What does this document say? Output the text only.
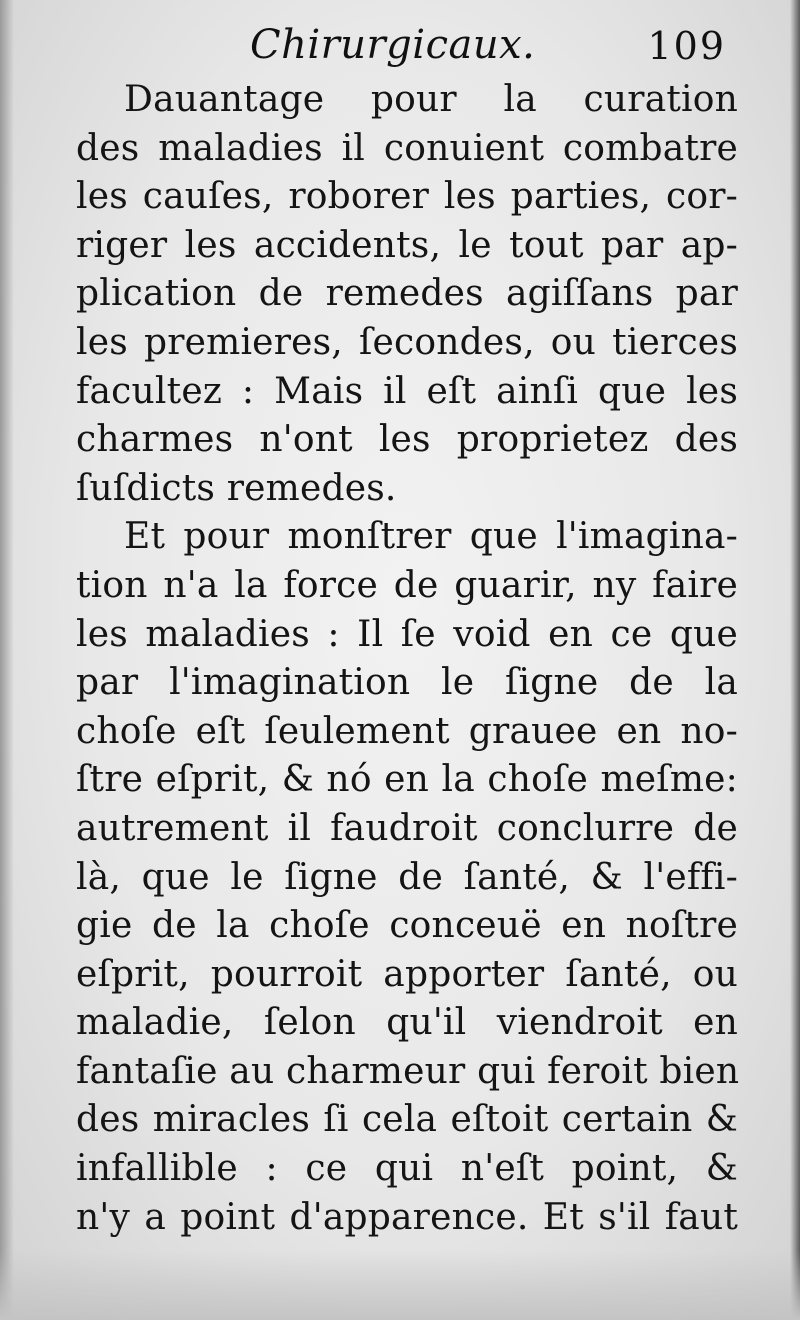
Chirurgicaux.	109
Dauantage pour la curation
des maladies il conuient combatre
les cauſes, roborer les parties, cor-
riger les accidents, le tout par ap-
plication de remedes agiſſans par
les premieres, ſecondes, ou tierces
facultez : Mais il eſt ainſi que les
charmes n'ont les proprietez des
ſuſdicts remedes.
Et pour monſtrer que l'imagina-
tion n'a la force de guarir, ny faire
les maladies : Il ſe void en ce que
par l'imagination le ſigne de la
choſe eſt ſeulement grauee en no-
ſtre eſprit, & nó en la choſe meſme:
autrement il faudroit conclurre de
là, que le ſigne de ſanté, & l'effi-
gie de la choſe conceuë en noſtre
eſprit, pourroit apporter ſanté, ou
maladie, ſelon qu'il viendroit en
fantaſie au charmeur qui feroit bien
des miracles ſi cela eſtoit certain &
infallible : ce qui n'eſt point, &
n'y a point d'apparence. Et s'il faut
